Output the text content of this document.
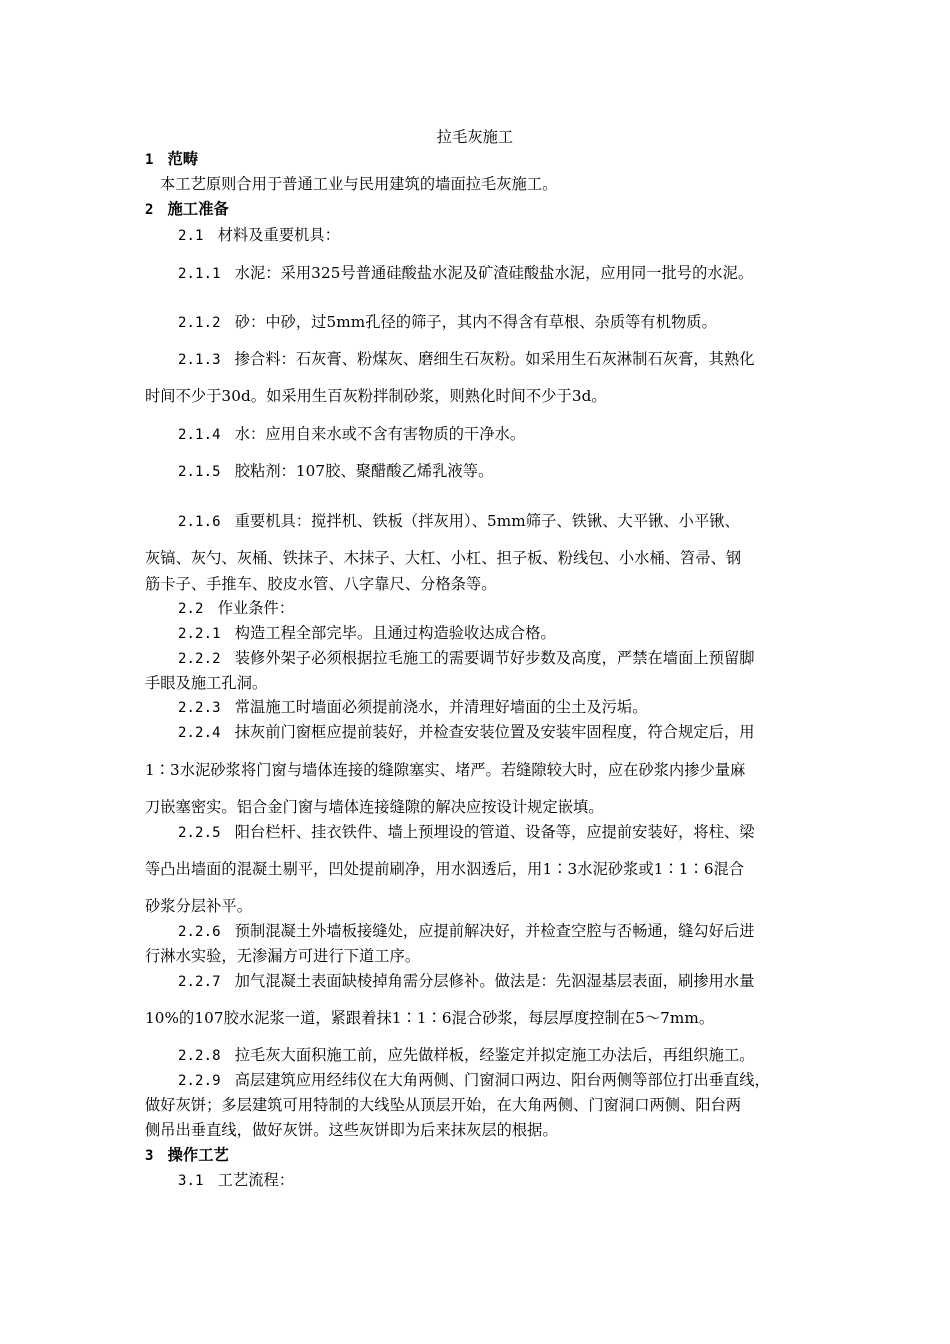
拉毛灰施工
1　范畴
本工艺原则合用于普通工业与民用建筑的墙面拉毛灰施工。
2　施工准备
2.1　材料及重要机具：
2.1.1　水泥：采用325号普通硅酸盐水泥及矿渣硅酸盐水泥，应用同一批号的水泥。
2.1.2　砂：中砂，过5mm孔径的筛子，其内不得含有草根、杂质等有机物质。
2.1.3　掺合料：石灰膏、粉煤灰、磨细生石灰粉。如采用生石灰淋制石灰膏，其熟化
时间不少于30d。如采用生百灰粉拌制砂浆，则熟化时间不少于3d。
2.1.4　水：应用自来水或不含有害物质的干净水。
2.1.5　胶粘剂：107胶、聚醋酸乙烯乳液等。
2.1.6　重要机具：搅拌机、铁板（拌灰用）、5mm筛子、铁锹、大平锹、小平锹、
灰镐、灰勺、灰桶、铁抹子、木抹子、大杠、小杠、担子板、粉线包、小水桶、笤帚、钢
筋卡子、手推车、胶皮水管、八字靠尺、分格条等。
2.2　作业条件：
2.2.1　构造工程全部完毕。且通过构造验收达成合格。
2.2.2　装修外架子必须根据拉毛施工的需要调节好步数及高度，严禁在墙面上预留脚
手眼及施工孔洞。
2.2.3　常温施工时墙面必须提前浇水，并清理好墙面的尘土及污垢。
2.2.4　抹灰前门窗框应提前装好，并检查安装位置及安装牢固程度，符合规定后，用
1∶3水泥砂浆将门窗与墙体连接的缝隙塞实、堵严。若缝隙较大时，应在砂浆内掺少量麻
刀嵌塞密实。铝合金门窗与墙体连接缝隙的解决应按设计规定嵌填。
2.2.5　阳台栏杆、挂衣铁件、墙上预埋设的管道、设备等，应提前安装好，将柱、梁
等凸出墙面的混凝土剔平，凹处提前刷净，用水泅透后，用1∶3水泥砂浆或1∶1∶6混合
砂浆分层补平。
2.2.6　预制混凝土外墙板接缝处，应提前解决好，并检查空腔与否畅通，缝勾好后进
行淋水实验，无渗漏方可进行下道工序。
2.2.7　加气混凝土表面缺棱掉角需分层修补。做法是：先泅湿基层表面，刷掺用水量
10%的107胶水泥浆一道，紧跟着抹1∶1∶6混合砂浆，每层厚度控制在5～7mm。
2.2.8　拉毛灰大面积施工前，应先做样板，经鉴定并拟定施工办法后，再组织施工。
2.2.9　高层建筑应用经纬仪在大角两侧、门窗洞口两边、阳台两侧等部位打出垂直线，
做好灰饼；多层建筑可用特制的大线坠从顶层开始，在大角两侧、门窗洞口两侧、阳台两
侧吊出垂直线，做好灰饼。这些灰饼即为后来抹灰层的根据。
3　操作工艺
3.1　工艺流程：
